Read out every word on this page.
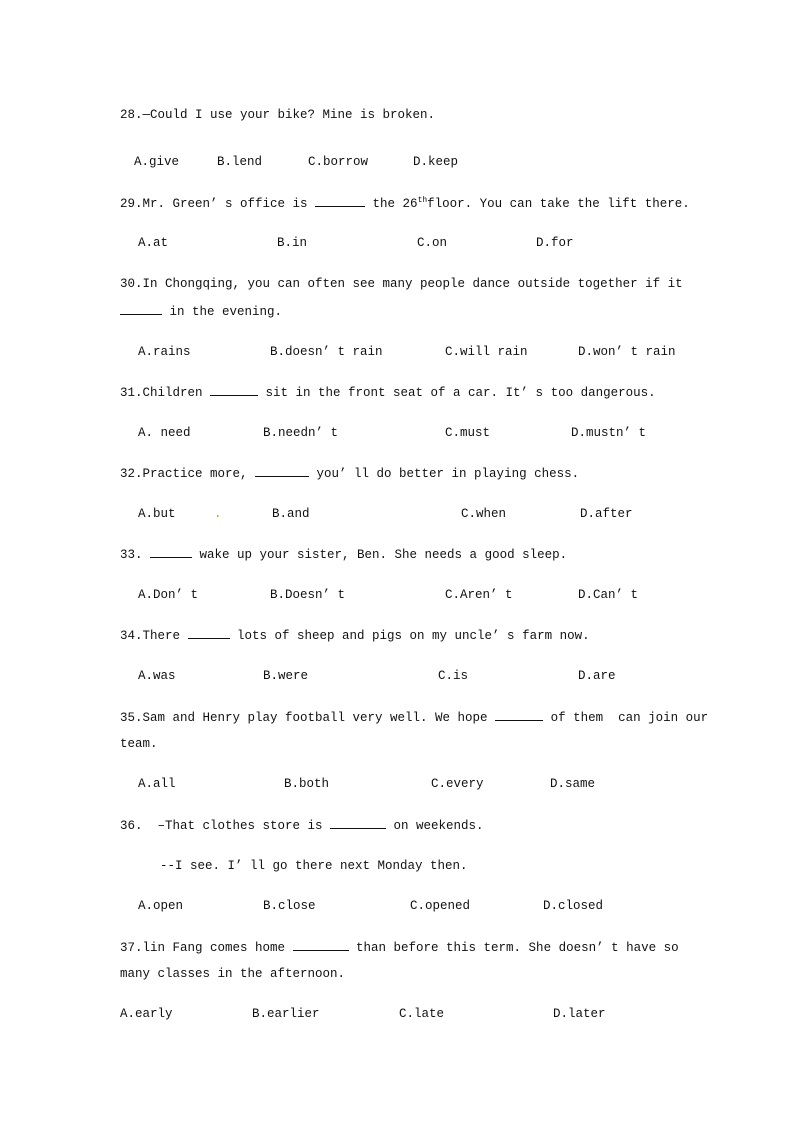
28.—Could I use your bike? Mine is broken.
A.give	B.lend	C.borrow	D.keep
29.Mr. Green’ s office is	the 26thfloor. You can take the lift there.
A.at	B.in	C.on	D.for
30.In Chongqing, you can often see many people dance outside together if it
in the evening.
A.rains	B.doesn’ t rain	C.will rain	D.won’ t rain
31.Children	sit in the front seat of a car. It’ s too dangerous.
A. need	B.needn’ t	C.must	D.mustn’ t
32.Practice more,	you’ ll do better in playing chess.
A.but	.	B.and	C.when	D.after
33.	wake up your sister, Ben. She needs a good sleep.
A.Don’ t	B.Doesn’ t	C.Aren’ t	D.Can’ t
34.There	lots of sheep and pigs on my uncle’ s farm now.
A.was	B.were	C.is	D.are
35.Sam and Henry play football very well. We hope	of them  can join our
team.
A.all	B.both	C.every	D.same
36.  –That clothes store is	on weekends.
--I see. I’ ll go there next Monday then.
A.open	B.close	C.opened	D.closed
37.lin Fang comes home	than before this term. She doesn’ t have so
many classes in the afternoon.
A.early	B.earlier	C.late	D.later
